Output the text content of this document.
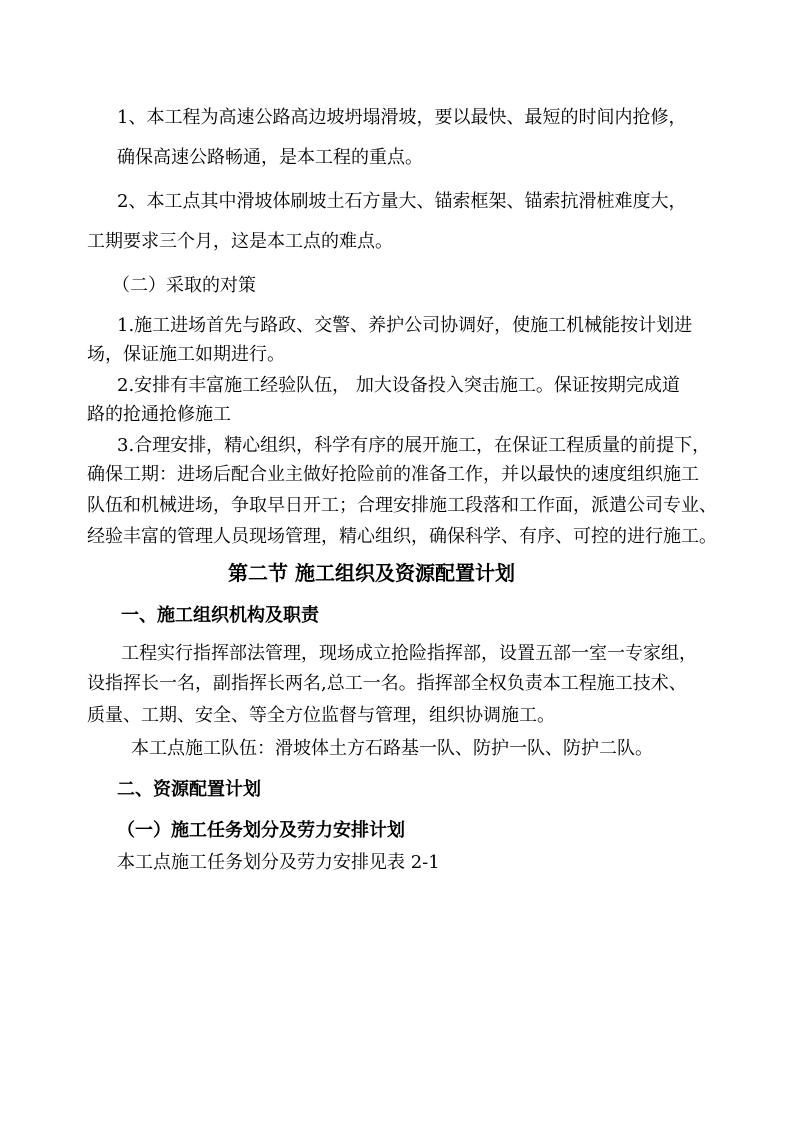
1、本工程为高速公路高边坡坍塌滑坡，要以最快、最短的时间内抢修，
确保高速公路畅通，是本工程的重点。
2、本工点其中滑坡体刷坡土石方量大、锚索框架、锚索抗滑桩难度大，
工期要求三个月，这是本工点的难点。
（二）采取的对策
1.施工进场首先与路政、交警、养护公司协调好，使施工机械能按计划进
场，保证施工如期进行。
2.安排有丰富施工经验队伍， 加大设备投入突击施工。保证按期完成道
路的抢通抢修施工
3.合理安排，精心组织，科学有序的展开施工，在保证工程质量的前提下，
确保工期：进场后配合业主做好抢险前的准备工作，并以最快的速度组织施工
队伍和机械进场，争取早日开工；合理安排施工段落和工作面，派遣公司专业、
经验丰富的管理人员现场管理，精心组织，确保科学、有序、可控的进行施工。
第二节 施工组织及资源配置计划
一、施工组织机构及职责
工程实行指挥部法管理，现场成立抢险指挥部，设置五部一室一专家组，
设指挥长一名，副指挥长两名,总工一名。指挥部全权负责本工程施工技术、
质量、工期、安全、等全方位监督与管理，组织协调施工。
本工点施工队伍：滑坡体土方石路基一队、防护一队、防护二队。
二、资源配置计划
（一）施工任务划分及劳力安排计划
本工点施工任务划分及劳力安排见表 2-1
